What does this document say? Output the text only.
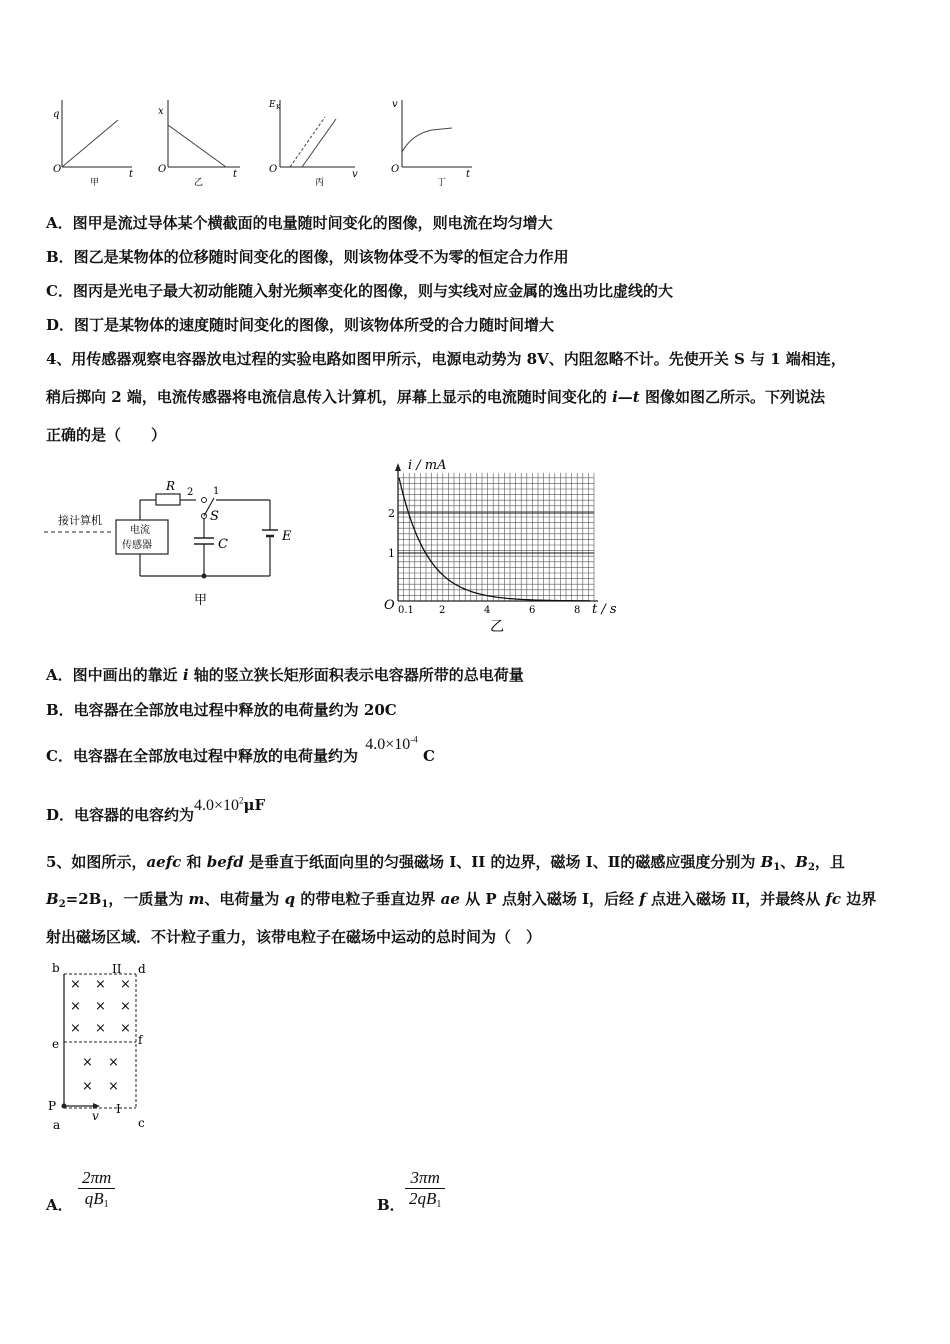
q
t
O
甲
x
t
O
乙
E K
v
O
丙
v
t
O
丁
A．图甲是流过导体某个横截面的电量随时间变化的图像，则电流在均匀增大
B．图乙是某物体的位移随时间变化的图像，则该物体受不为零的恒定合力作用
C．图丙是光电子最大初动能随入射光频率变化的图像，则与实线对应金属的逸出功比虚线的大
D．图丁是某物体的速度随时间变化的图像，则该物体所受的合力随时间增大
4、用传感器观察电容器放电过程的实验电路如图甲所示，电源电动势为 8V、内阻忽略不计。先使开关 S 与 1 端相连，
稍后掷向 2 端，电流传感器将电流信息传入计算机，屏幕上显示的电流随时间变化的 i—t 图像如图乙所示。下列说法
正确的是（　　）
接计算机
电流
传感器
R 2 1
S
C
E
甲
i / mA
2
1
O 0.1	2	4	6	8 t / s
乙
A．图中画出的靠近 i 轴的竖立狭长矩形面积表示电容器所带的总电荷量
B．电容器在全部放电过程中释放的电荷量约为 20C
C．电容器在全部放电过程中释放的电荷量约为 $4.0\times 10^{-4}$ C
D．电容器的电容约为$4.0\times 10^2\mu F$
5、如图所示，aefc 和 befd 是垂直于纸面向里的匀强磁场 I、II 的边界，磁场 I、Ⅱ的磁感应强度分别为 $B_1$、$B_2$，且
$B_2=2B_1$，一质量为 m、电荷量为 q 的带电粒子垂直边界 ae 从 P 点射入磁场 I，后经 f 点进入磁场 II，并最终从 fc 边界
射出磁场区域．不计粒子重力，该带电粒子在磁场中运动的总时间为（　）
× × ×
× × ×
× × ×
× ×
× ×
b	II d
e	f
P
v I
a	c
A． $\frac{2\pi m}{qB_1}$	B． $\frac{3\pi m}{2qB_1}$
